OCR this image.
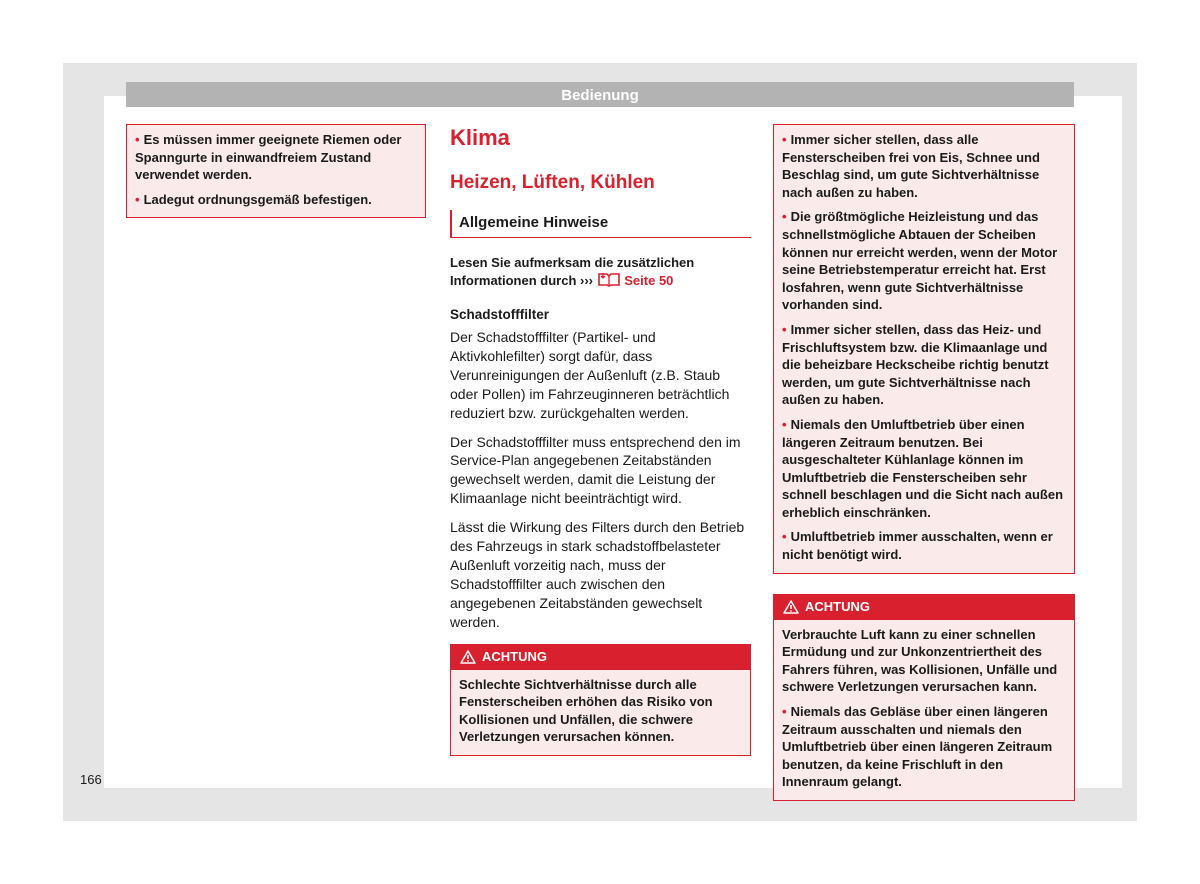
Bedienung

• Es müssen immer geeignete Riemen oder Spanngurte in einwandfreiem Zustand verwendet werden.

• Ladegut ordnungsgemäß befestigen.

Klima
Heizen, Lüften, Kühlen
Allgemeine Hinweise
Lesen Sie aufmerksam die zusätzlichen Informationen durch ››› Seite 50
Schadstofffilter

Der Schadstofffilter (Partikel- und Aktivkohlefilter) sorgt dafür, dass Verunreinigungen der Außenluft (z.B. Staub oder Pollen) im Fahrzeuginneren beträchtlich reduziert bzw. zurückgehalten werden.

Der Schadstofffilter muss entsprechend den im Service-Plan angegebenen Zeitabständen gewechselt werden, damit die Leistung der Klimaanlage nicht beeinträchtigt wird.

Lässt die Wirkung des Filters durch den Betrieb des Fahrzeugs in stark schadstoffbelasteter Außenluft vorzeitig nach, muss der Schadstofffilter auch zwischen den angegebenen Zeitabständen gewechselt werden.

ACHTUNG

Schlechte Sichtverhältnisse durch alle Fensterscheiben erhöhen das Risiko von Kollisionen und Unfällen, die schwere Verletzungen verursachen können.

• Immer sicher stellen, dass alle Fensterscheiben frei von Eis, Schnee und Beschlag sind, um gute Sichtverhältnisse nach außen zu haben.

• Die größtmögliche Heizleistung und das schnellstmögliche Abtauen der Scheiben können nur erreicht werden, wenn der Motor seine Betriebstemperatur erreicht hat. Erst losfahren, wenn gute Sichtverhältnisse vorhanden sind.

• Immer sicher stellen, dass das Heiz- und Frischluftsystem bzw. die Klimaanlage und die beheizbare Heckscheibe richtig benutzt werden, um gute Sichtverhältnisse nach außen zu haben.

• Niemals den Umluftbetrieb über einen längeren Zeitraum benutzen. Bei ausgeschalteter Kühlanlage können im Umluftbetrieb die Fensterscheiben sehr schnell beschlagen und die Sicht nach außen erheblich einschränken.

• Umluftbetrieb immer ausschalten, wenn er nicht benötigt wird.

ACHTUNG

Verbrauchte Luft kann zu einer schnellen Ermüdung und zur Unkonzentriertheit des Fahrers führen, was Kollisionen, Unfälle und schwere Verletzungen verursachen kann.

• Niemals das Gebläse über einen längeren Zeitraum ausschalten und niemals den Umluftbetrieb über einen längeren Zeitraum benutzen, da keine Frischluft in den Innenraum gelangt.

166
